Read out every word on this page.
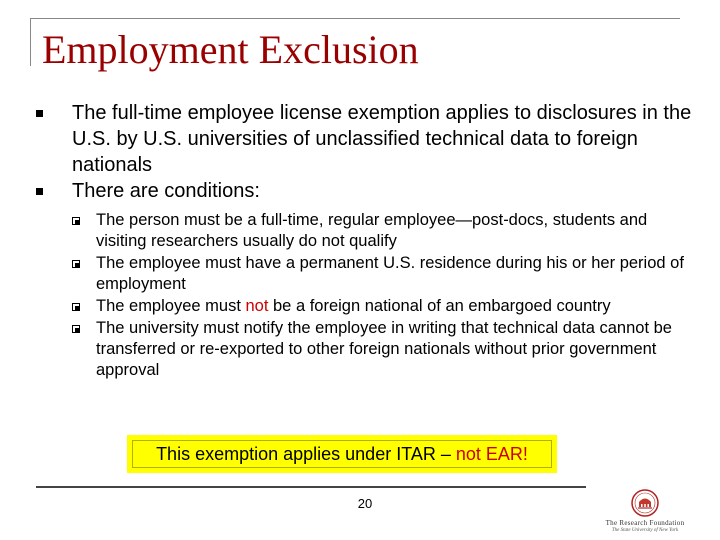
Employment Exclusion
The full-time employee license exemption applies to disclosures in the U.S. by U.S. universities of unclassified technical data to foreign nationals
There are conditions:
The person must be a full-time, regular employee—post-docs, students and visiting researchers usually do not qualify
The employee must have a permanent U.S. residence during his or her period of employment
The employee must not be a foreign national of an embargoed country
The university must notify the employee in writing that technical data cannot be transferred or re-exported to other foreign nationals without prior government approval
This exemption applies under ITAR –
not EAR!
20
The Research Foundation
The State University of New York
